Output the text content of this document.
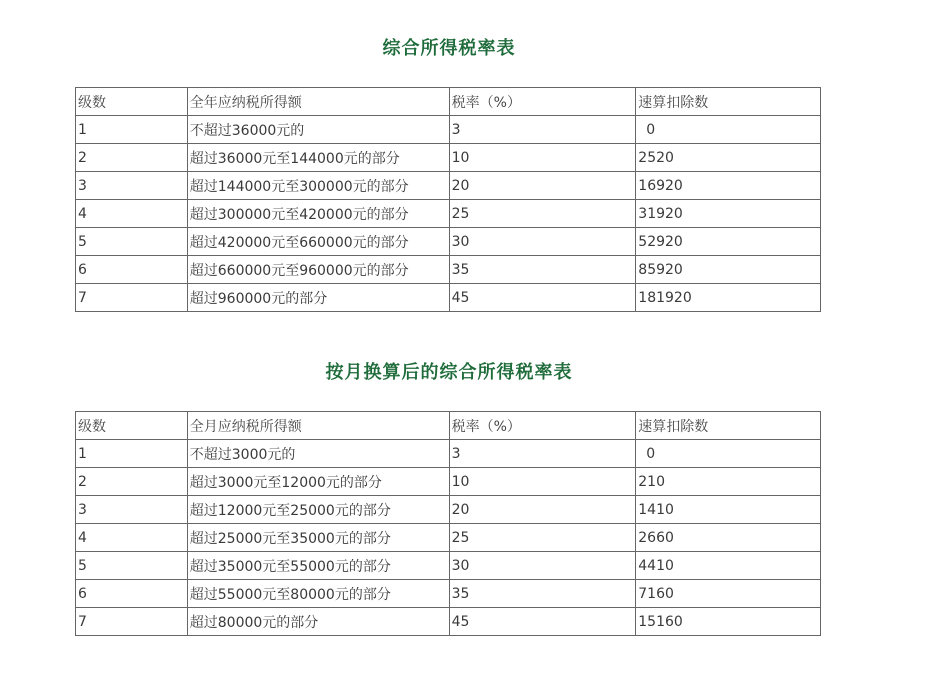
综合所得税率表
级数	全年应纳税所得额	税率（%）	速算扣除数
1	不超过36000元的	3	0
2	超过36000元至144000元的部分	10	2520
3	超过144000元至300000元的部分	20	16920
4	超过300000元至420000元的部分	25	31920
5	超过420000元至660000元的部分	30	52920
6	超过660000元至960000元的部分	35	85920
7	超过960000元的部分	45	181920
按月换算后的综合所得税率表
级数	全月应纳税所得额	税率（%）	速算扣除数
1	不超过3000元的	3	0
2	超过3000元至12000元的部分	10	210
3	超过12000元至25000元的部分	20	1410
4	超过25000元至35000元的部分	25	2660
5	超过35000元至55000元的部分	30	4410
6	超过55000元至80000元的部分	35	7160
7	超过80000元的部分	45	15160
